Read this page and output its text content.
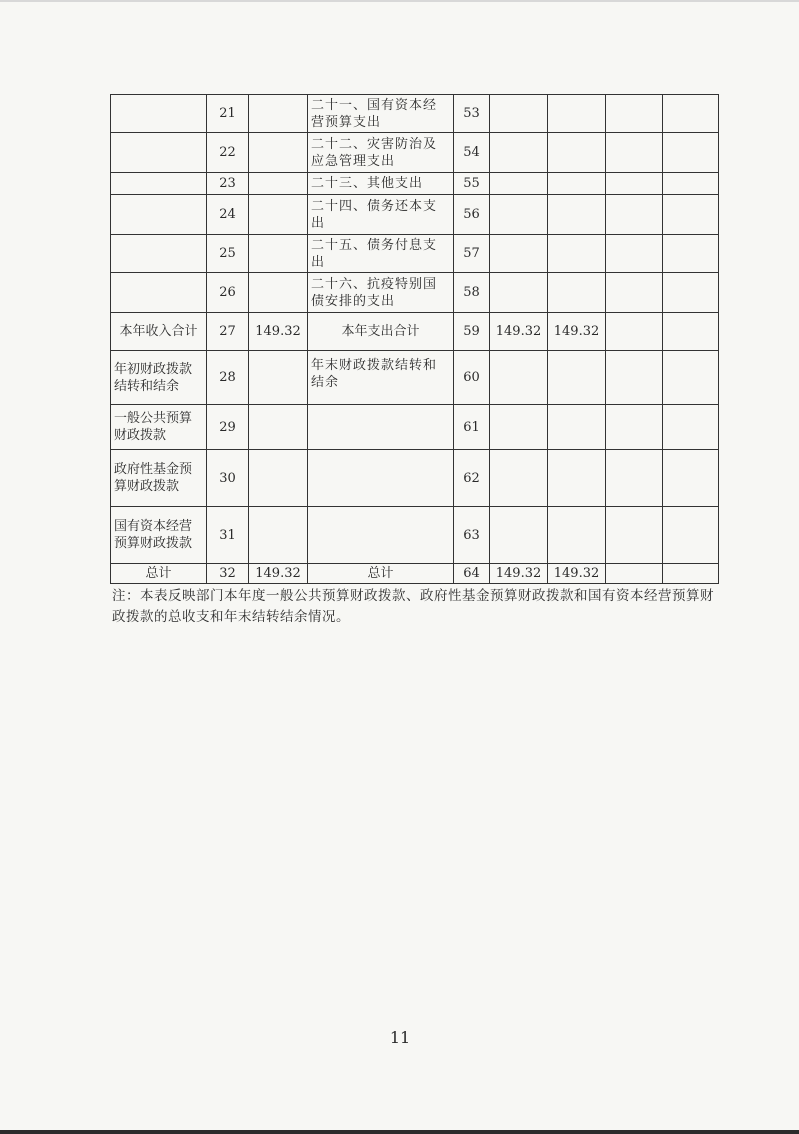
	21		二十一、国有资本经营预算支出	53				
	22		二十二、灾害防治及应急管理支出	54				
	23		二十三、其他支出	55				
	24		二十四、债务还本支出	56				
	25		二十五、债务付息支出	57				
	26		二十六、抗疫特别国债安排的支出	58				
本年收入合计	27	149.32	本年支出合计	59	149.32	149.32		
年初财政拨款结转和结余	28		年末财政拨款结转和结余	60				
一般公共预算财政拨款	29			61				
政府性基金预算财政拨款	30			62				
国有资本经营预算财政拨款	31			63				
总计	32	149.32	总计	64	149.32	149.32		
注：本表反映部门本年度一般公共预算财政拨款、政府性基金预算财政拨款和国有资本经营预算财政拨款的总收支和年末结转结余情况。
11
